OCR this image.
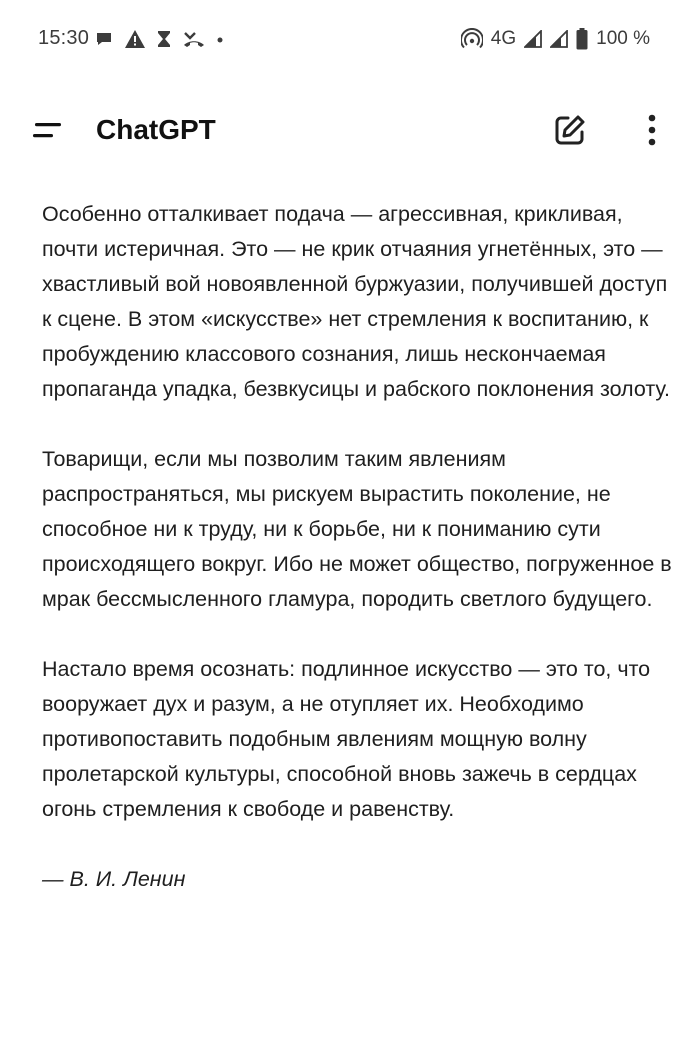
15:30	4G	100 %
ChatGPT

Особенно отталкивает подача — агрессивная, крикливая, почти истеричная. Это — не крик отчаяния угнетённых, это — хвастливый вой новоявленной буржуазии, получившей доступ к сцене. В этом «искусстве» нет стремления к воспитанию, к пробуждению классового сознания, лишь нескончаемая пропаганда упадка, безвкусицы и рабского поклонения золоту.

Товарищи, если мы позволим таким явлениям распространяться, мы рискуем вырастить поколение, не способное ни к труду, ни к борьбе, ни к пониманию сути происходящего вокруг. Ибо не может общество, погруженное в мрак бессмысленного гламура, породить светлого будущего.

Настало время осознать: подлинное искусство — это то, что вооружает дух и разум, а не отупляет их. Необходимо противопоставить подобным явлениям мощную волну пролетарской культуры, способной вновь зажечь в сердцах огонь стремления к свободе и равенству.

— В. И. Ленин
